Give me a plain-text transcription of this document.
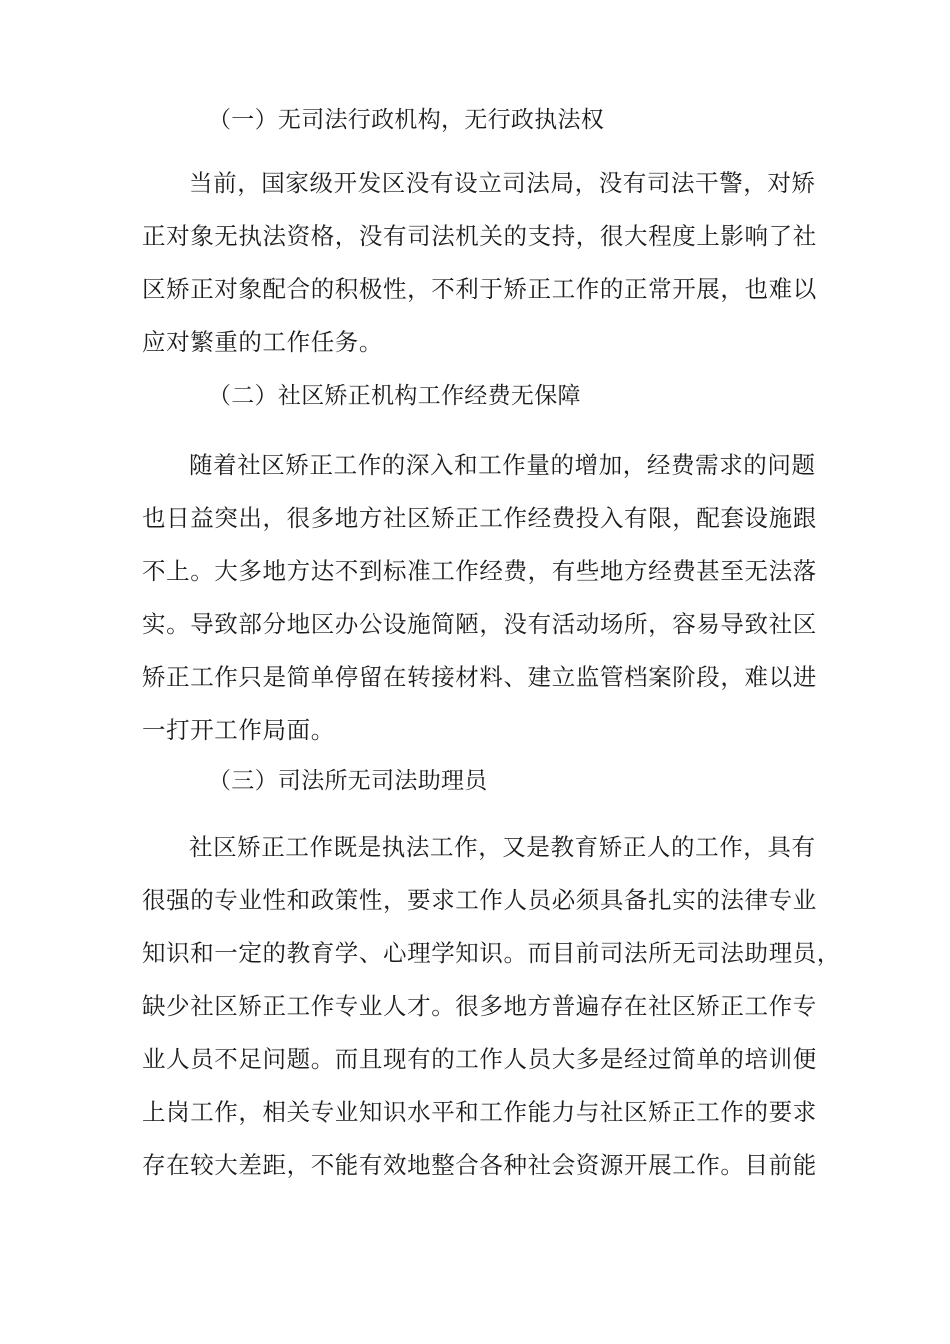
（一）无司法行政机构，无行政执法权
当前，国家级开发区没有设立司法局，没有司法干警，对矫
正对象无执法资格，没有司法机关的支持，很大程度上影响了社
区矫正对象配合的积极性，不利于矫正工作的正常开展，也难以
应对繁重的工作任务。
（二）社区矫正机构工作经费无保障
随着社区矫正工作的深入和工作量的增加，经费需求的问题
也日益突出，很多地方社区矫正工作经费投入有限，配套设施跟
不上。大多地方达不到标准工作经费，有些地方经费甚至无法落
实。导致部分地区办公设施简陋，没有活动场所，容易导致社区
矫正工作只是简单停留在转接材料、建立监管档案阶段，难以进
一打开工作局面。
（三）司法所无司法助理员
社区矫正工作既是执法工作，又是教育矫正人的工作，具有
很强的专业性和政策性，要求工作人员必须具备扎实的法律专业
知识和一定的教育学、心理学知识。而目前司法所无司法助理员，
缺少社区矫正工作专业人才。很多地方普遍存在社区矫正工作专
业人员不足问题。而且现有的工作人员大多是经过简单的培训便
上岗工作，相关专业知识水平和工作能力与社区矫正工作的要求
存在较大差距，不能有效地整合各种社会资源开展工作。目前能
